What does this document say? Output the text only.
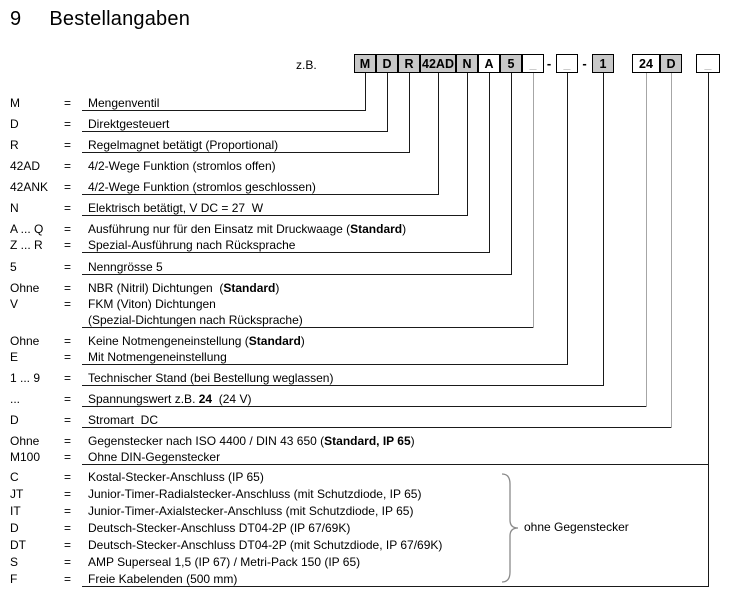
9 Bestellangaben
z.B.	M D	R 42AD N	A	5	_	_	1	24	D	_
-	-
M	= Mengenventil
D	= Direktgesteuert
R	= Regelmagnet betätigt (Proportional)
42AD = 4/2-Wege Funktion (stromlos offen)
42ANK = 4/2-Wege Funktion (stromlos geschlossen)
N	= Elektrisch betätigt, V DC = 27  W
A ... Q = Ausführung nur für den Einsatz mit Druckwaage (Standard)
Z ... R = Spezial-Ausführung nach Rücksprache
5	= Nenngrösse 5
Ohne = NBR (Nitril) Dichtungen  (Standard)
V	= FKM (Viton) Dichtungen
(Spezial-Dichtungen nach Rücksprache)
Ohne = Keine Notmengeneinstellung (Standard)
E	= Mit Notmengeneinstellung
1 ... 9 = Technischer Stand (bei Bestellung weglassen)
...	= Spannungswert z.B. 24  (24 V)
D	= Stromart  DC
Ohne = Gegenstecker nach ISO 4400 / DIN 43 650 (Standard, IP 65)
M100 = Ohne DIN-Gegenstecker
C	= Kostal-Stecker-Anschluss (IP 65)
JT	= Junior-Timer-Radialstecker-Anschluss (mit Schutzdiode, IP 65)
IT	= Junior-Timer-Axialstecker-Anschluss (mit Schutzdiode, IP 65)
D	= Deutsch-Stecker-Anschluss DT04-2P (IP 67/69K)
DT	= Deutsch-Stecker-Anschluss DT04-2P (mit Schutzdiode, IP 67/69K)
S	= AMP Superseal 1,5 (IP 67) / Metri-Pack 150 (IP 65)
F	= Freie Kabelenden (500 mm)
ohne Gegenstecker
